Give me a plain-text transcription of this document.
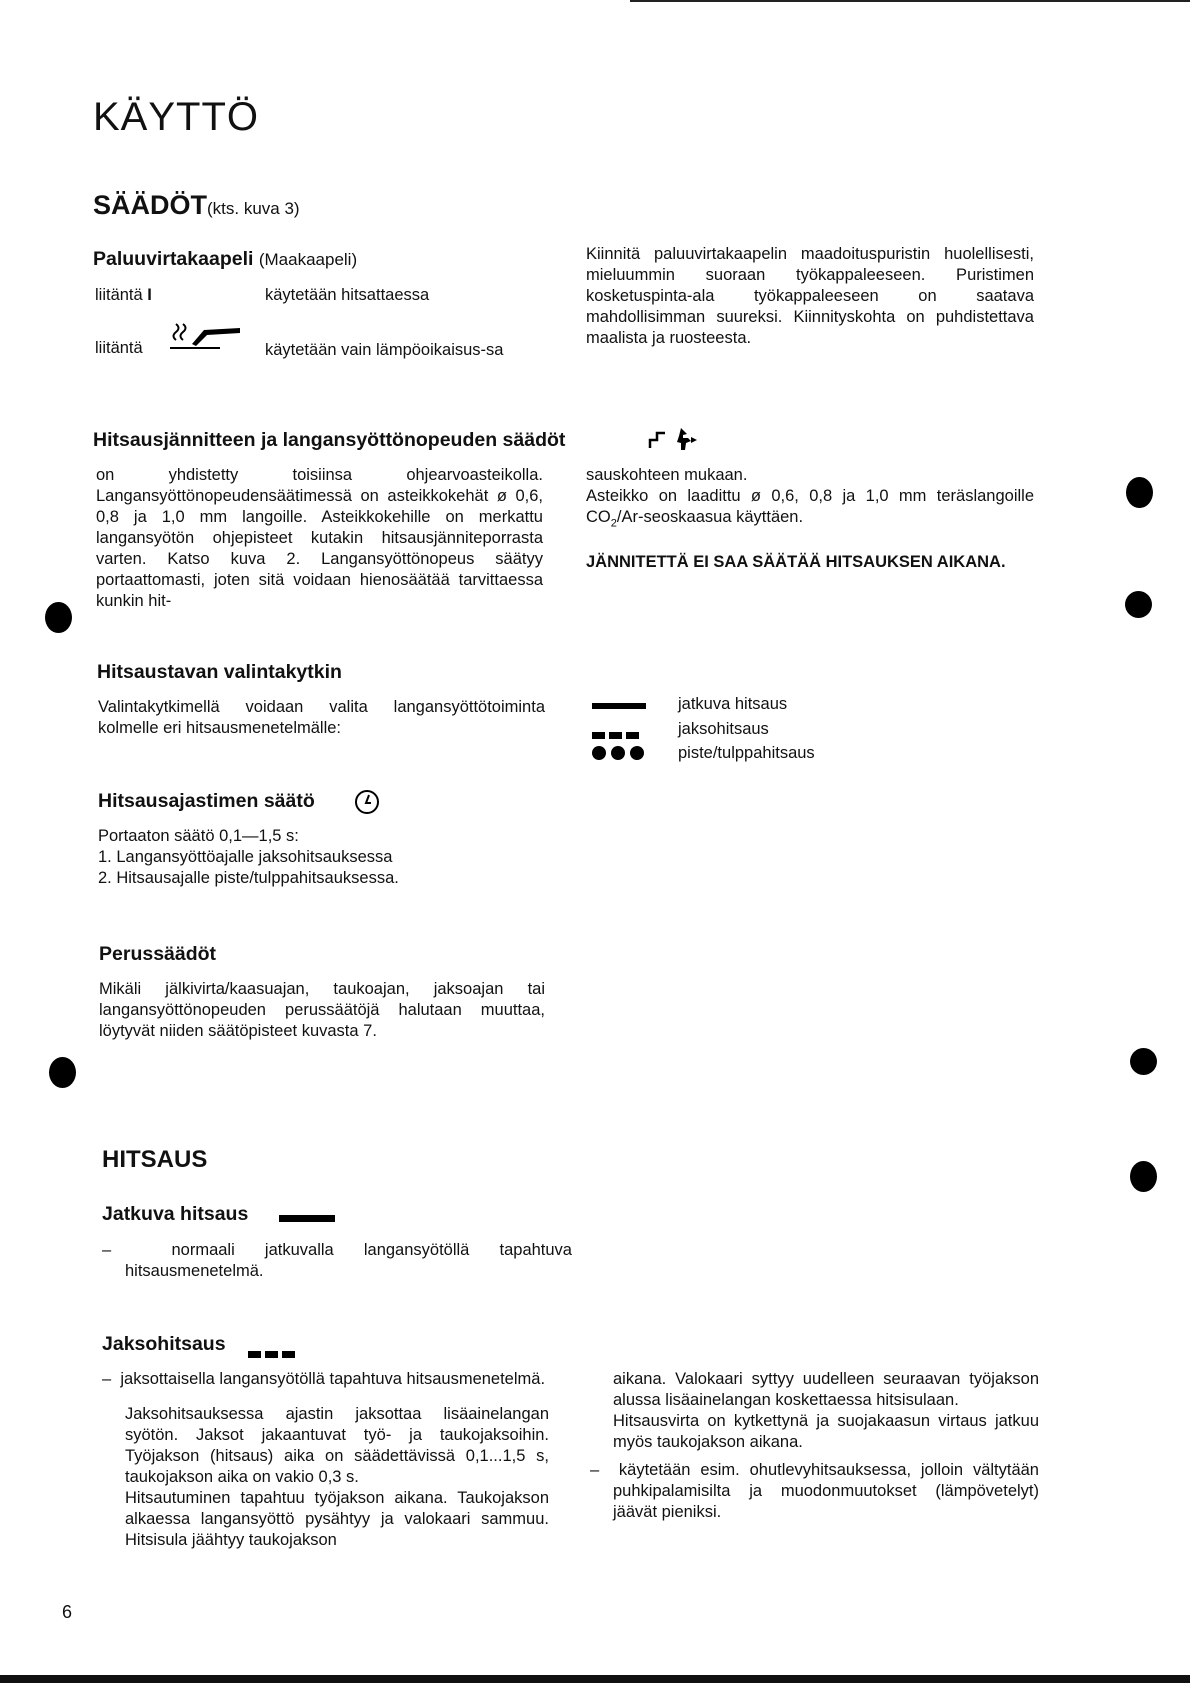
KÄYTTÖ
SÄÄDÖT(kts. kuva 3)
Paluuvirtakaapeli (Maakaapeli)
liitäntä I	käytetään hitsattaessa
liitäntä	käytetään vain lämpöoikaisus-sa
Kiinnitä paluuvirtakaapelin maadoituspuristin huolellisesti, mieluummin suoraan työkappaleeseen. Puristimen kosketuspinta-ala työkappaleeseen on saatava mahdollisimman suureksi. Kiinnityskohta on puhdistettava maalista ja ruosteesta.
Hitsausjännitteen ja langansyöttönopeuden säädöt
on yhdistetty toisiinsa ohjearvoasteikolla. Langansyöttönopeudensäätimessä on asteikkokehät ø 0,6, 0,8 ja 1,0 mm langoille. Asteikkokehille on merkattu langansyötön ohjepisteet kutakin hitsausjänniteporrasta varten. Katso kuva 2. Langansyöttönopeus säätyy portaattomasti, joten sitä voidaan hienosäätää tarvittaessa kunkin hit-

sauskohteen mukaan.

Asteikko on laadittu ø 0,6, 0,8 ja 1,0 mm teräslangoille $CO_2/Ar$-seoskaasua käyttäen.

JÄNNITETTÄ EI SAA SÄÄTÄÄ HITSAUKSEN AIKANA.

Hitsaustavan valintakytkin
Valintakytkimellä voidaan valita langansyöttötoiminta kolmelle eri hitsausmenetelmälle:
jatkuva hitsaus
jaksohitsaus
piste/tulppahitsaus
Hitsausajastimen säätö

Portaaton säätö 0,1—1,5 s:

1. Langansyöttöajalle jaksohitsauksessa

2. Hitsausajalle piste/tulppahitsauksessa.

Perussäädöt
Mikäli jälkivirta/kaasuajan, taukoajan, jaksoajan tai langansyöttönopeuden perussäätöjä halutaan muuttaa, löytyvät niiden säätöpisteet kuvasta 7.
HITSAUS
Jatkuva hitsaus
–  normaali jatkuvalla langansyötöllä tapahtuva hitsausmenetelmä.
Jaksohitsaus

–  jaksottaisella langansyötöllä tapahtuva hitsausmenetelmä.

Jaksohitsauksessa ajastin jaksottaa lisäainelangan syötön. Jaksot jakaantuvat työ- ja taukojaksoihin. Työjakson (hitsaus) aika on säädettävissä 0,1...1,5 s, taukojakson aika on vakio 0,3 s.

Hitsautuminen tapahtuu työjakson aikana. Taukojakson alkaessa langansyöttö pysähtyy ja valokaari sammuu. Hitsisula jäähtyy taukojakson

aikana. Valokaari syttyy uudelleen seuraavan työjakson alussa lisäainelangan koskettaessa hitsisulaan.

Hitsausvirta on kytkettynä ja suojakaasun virtaus jatkuu myös taukojakson aikana.

–  käytetään esim. ohutlevyhitsauksessa, jolloin vältytään puhkipalamisilta ja muodonmuutokset (lämpövetelyt) jäävät pieniksi.

6
